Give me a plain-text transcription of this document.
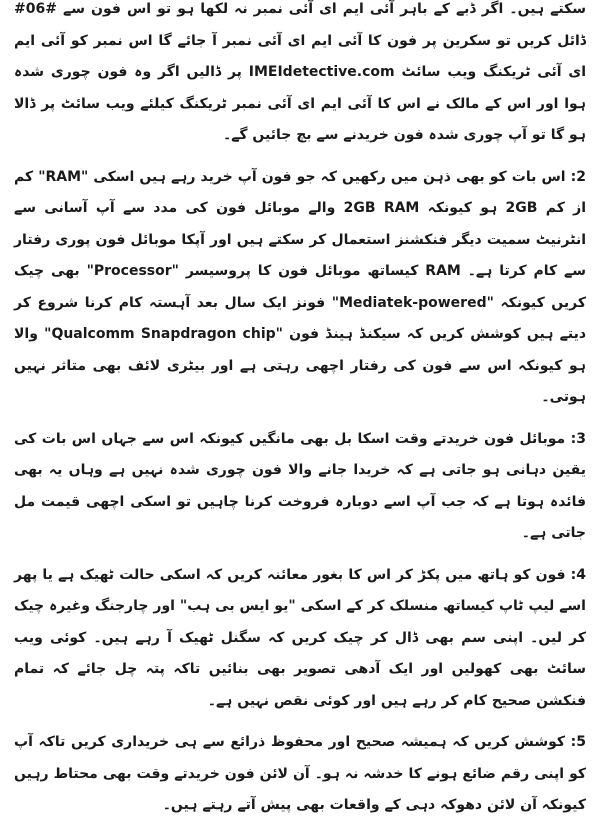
سکتے ہیں۔ اگر ڈبے کے باہر آئی ایم ای آئی نمبر نہ لکھا ہو تو اس فون سے #06# ڈائل کریں تو سکرین پر فون کا آئی ایم ای آئی نمبر آ جائے گا اس نمبر کو آئی ایم ای آئی ٹریکنگ ویب سائٹ IMEIdetective.com پر ڈالیں اگر وہ فون چوری شدہ ہوا اور اس کے مالک نے اس کا آئی ایم ای آئی نمبر ٹریکنگ کیلئے ویب سائٹ پر ڈالا ہو گا تو آپ چوری شدہ فون خریدنے سے بچ جائیں گے۔

2: اس بات کو بھی ذہن میں رکھیں کہ جو فون آپ خرید رہے ہیں اسکی "RAM" کم از کم 2GB ہو کیونکہ 2GB RAM والے موبائل فون کی مدد سے آپ آسانی سے انٹرنیٹ سمیت دیگر فنکشنز استعمال کر سکتے ہیں اور آپکا موبائل فون پوری رفتار سے کام کرتا ہے۔ RAM کیساتھ موبائل فون کا پروسیسر "Processor" بھی چیک کریں کیونکہ "Mediatek-powered" فونز ایک سال بعد آہستہ کام کرنا شروع کر دیتے ہیں کوشش کریں کہ سیکنڈ ہینڈ فون "Qualcomm Snapdragon chip" والا ہو کیونکہ اس سے فون کی رفتار اچھی رہتی ہے اور بیٹری لائف بھی متاثر نہیں ہوتی۔

3: موبائل فون خریدتے وقت اسکا بل بھی مانگیں کیونکہ اس سے جہاں اس بات کی یقین دہانی ہو جاتی ہے کہ خریدا جانے والا فون چوری شدہ نہیں ہے وہاں یہ بھی فائدہ ہوتا ہے کہ جب آپ اسے دوبارہ فروخت کرنا چاہیں تو اسکی اچھی قیمت مل جاتی ہے۔

4: فون کو ہاتھ میں پکڑ کر اس کا بغور معائنہ کریں کہ اسکی حالت ٹھیک ہے یا پھر اسے لیپ ٹاپ کیساتھ منسلک کر کے اسکی "یو ایس بی ہب" اور چارجنگ وغیرہ چیک کر لیں۔ اپنی سم بھی ڈال کر چیک کریں کہ سگنل ٹھیک آ رہے ہیں۔ کوئی ویب سائٹ بھی کھولیں اور ایک آدھی تصویر بھی بنائیں تاکہ پتہ چل جائے کہ تمام فنکشن صحیح کام کر رہے ہیں اور کوئی نقص نہیں ہے۔

5: کوشش کریں کہ ہمیشہ صحیح اور محفوظ ذرائع سے ہی خریداری کریں تاکہ آپ کو اپنی رقم ضائع ہونے کا خدشہ نہ ہو۔ آن لائن فون خریدتے وقت بھی محتاط رہیں کیونکہ آن لائن دھوکہ دہی کے واقعات بھی پیش آتے رہتے ہیں۔
